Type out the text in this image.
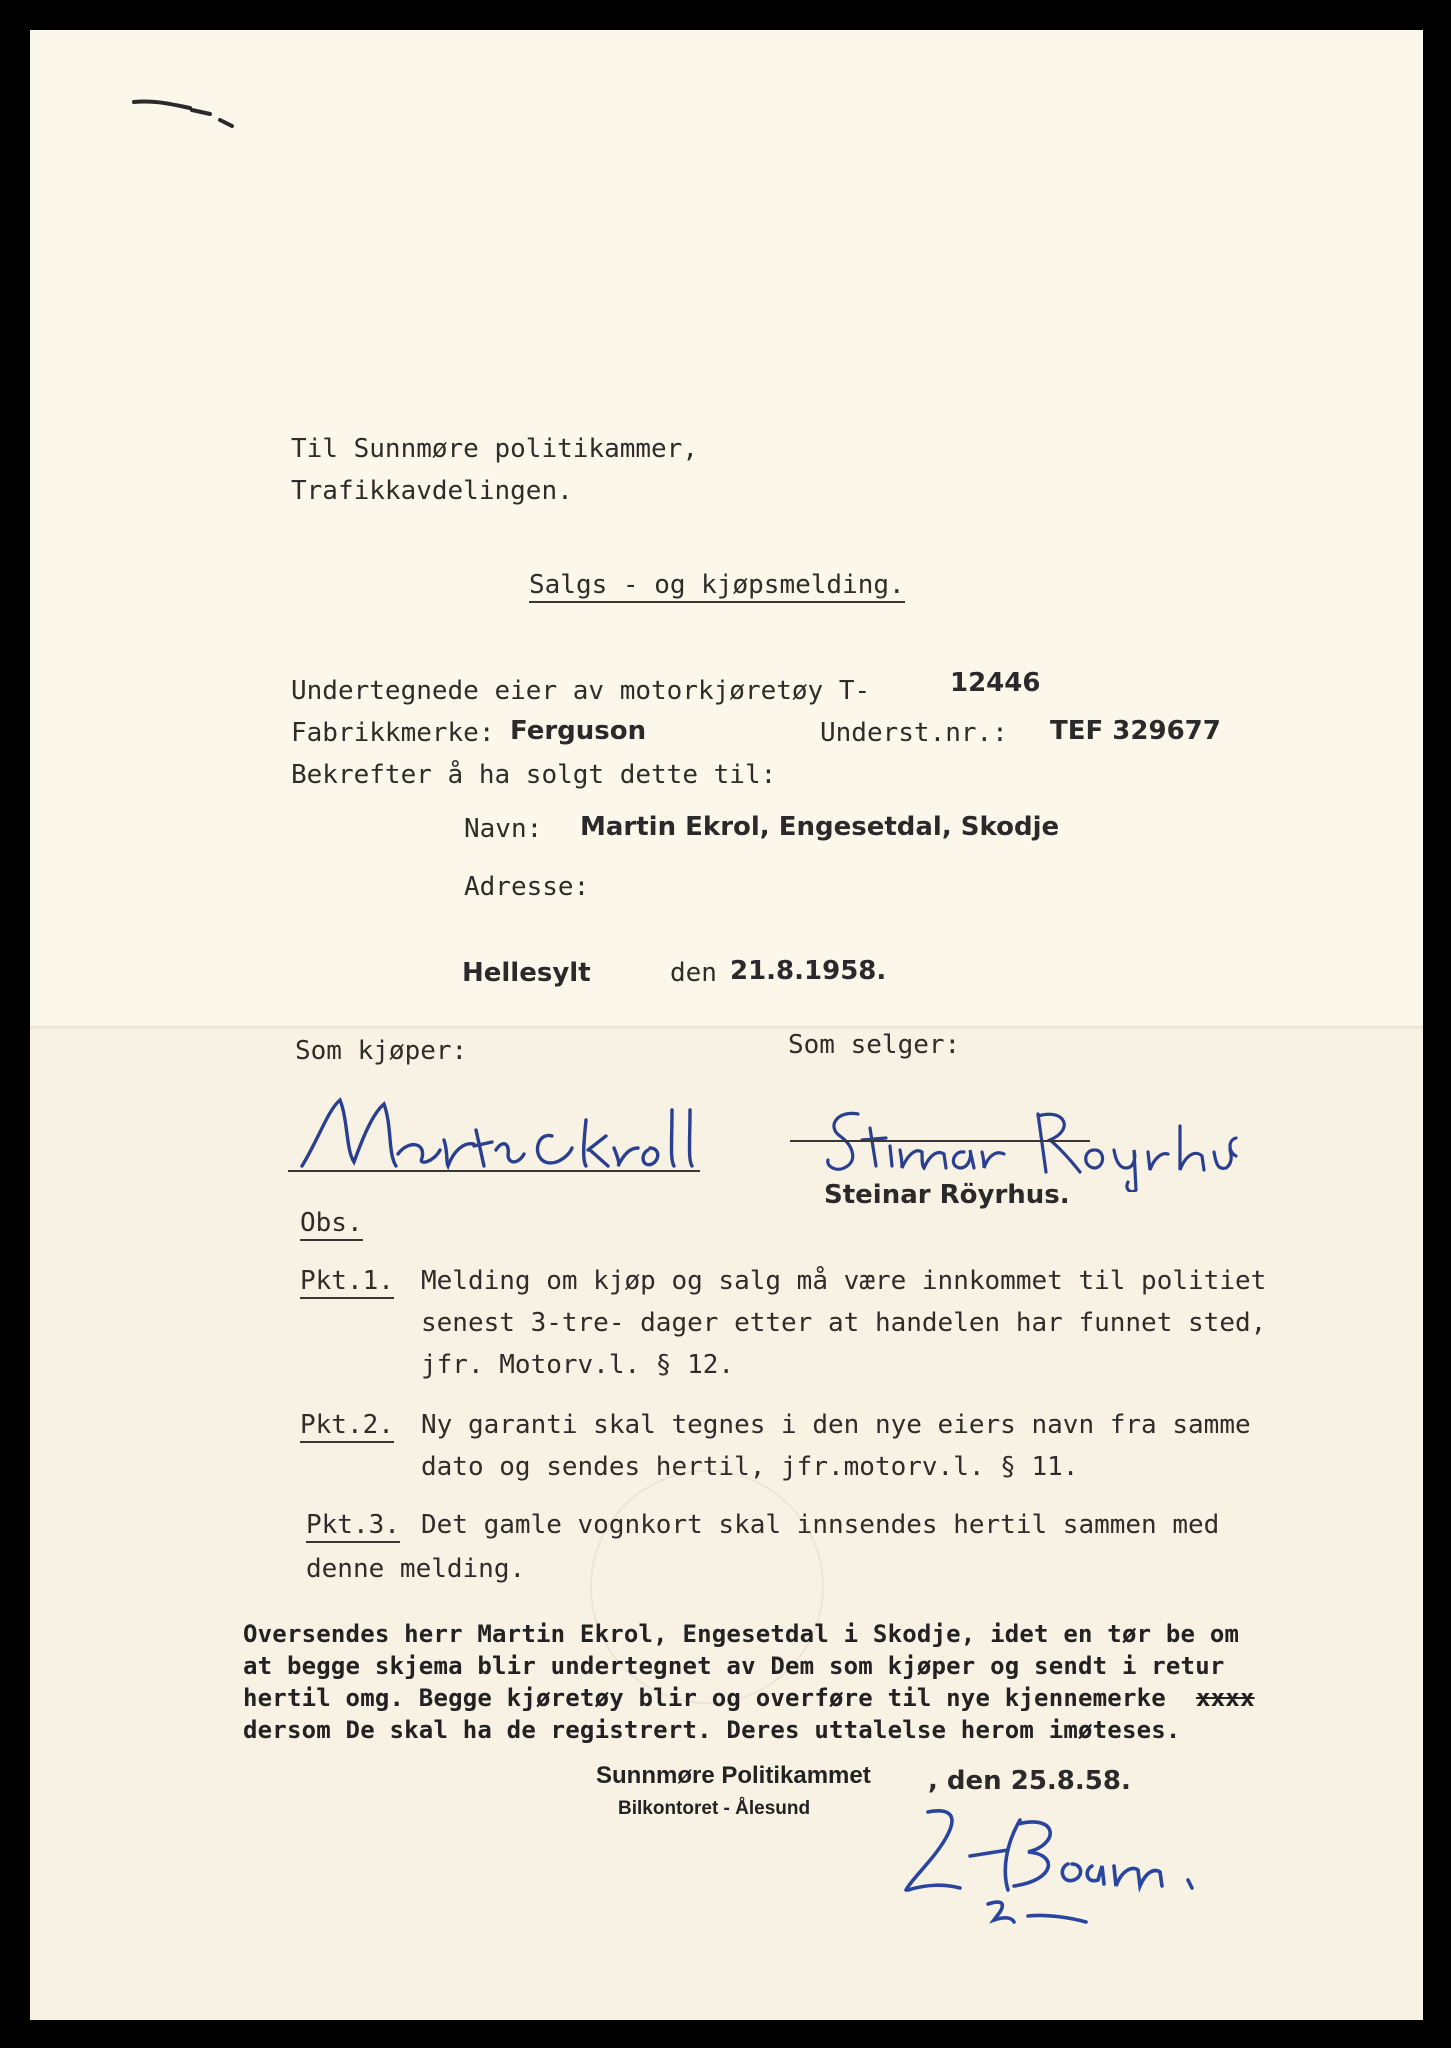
Til Sunnmøre politikammer,
Trafikkavdelingen.
Salgs - og kjøpsmelding.
Undertegnede eier av motorkjøretøy T-	12446
Fabrikkmerke: Ferguson	Underst.nr.: TEF 329677
Bekrefter å ha solgt dette til:
Navn: Martin Ekrol, Engesetdal, Skodje
Adresse:
Hellesylt	den 21.8.1958.
Som kjøper:	Som selger:
Steinar Röyrhus.
Obs.
Pkt.1. Melding om kjøp og salg må være innkommet til politiet
senest 3-tre- dager etter at handelen har funnet sted,
jfr. Motorv.l. § 12.
Pkt.2. Ny garanti skal tegnes i den nye eiers navn fra samme
dato og sendes hertil, jfr.motorv.l. § 11.
Pkt.3. Det gamle vognkort skal innsendes hertil sammen med
denne melding.
Oversendes herr Martin Ekrol, Engesetdal i Skodje, idet en tør be om
at begge skjema blir undertegnet av Dem som kjøper og sendt i retur
hertil omg. Begge kjøretøy blir og overføre til nye kjennemerke xxxx
dersom De skal ha de registrert. Deres uttalelse herom imøteses.
Sunnmøre Politikammet
Bilkontoret - Ålesund
, den 25.8.58.
